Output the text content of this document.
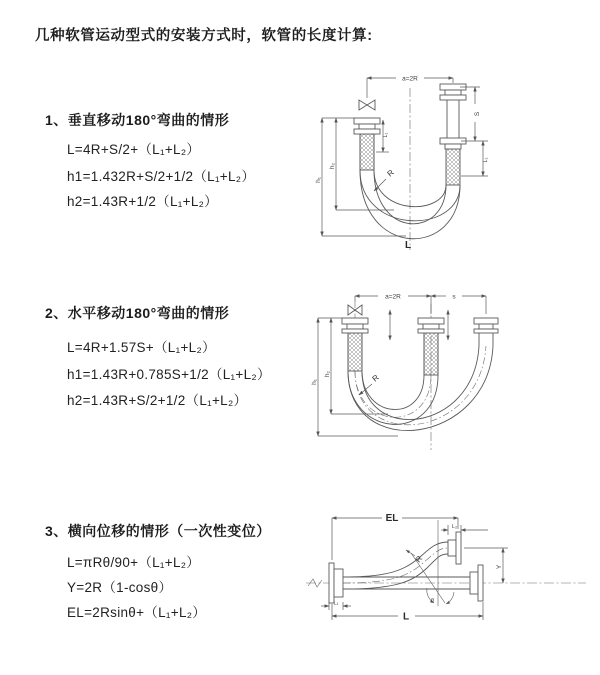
几种软管运动型式的安装方式时，软管的长度计算:
1、垂直移动180°弯曲的情形
L=4R+S/2+（L₁+L₂）
h1=1.432R+S/2+1/2（L₁+L₂）
h2=1.43R+1/2（L₁+L₂）
2、水平移动180°弯曲的情形
L=4R+1.57S+（L₁+L₂）
h1=1.43R+0.785S+1/2（L₁+L₂）
h2=1.43R+S/2+1/2（L₁+L₂）
3、横向位移的情形（一次性变位）
L=πRθ/90+（L₁+L₂）
Y=2R（1-cosθ）
EL=2Rsinθ+（L₁+L₂）
a=2R
S
L₁
L₁
h₁
h₂
R
L
a=2R	s
h₁
h₂	R
EL
L₂
Y
R
θ
L
L₁
